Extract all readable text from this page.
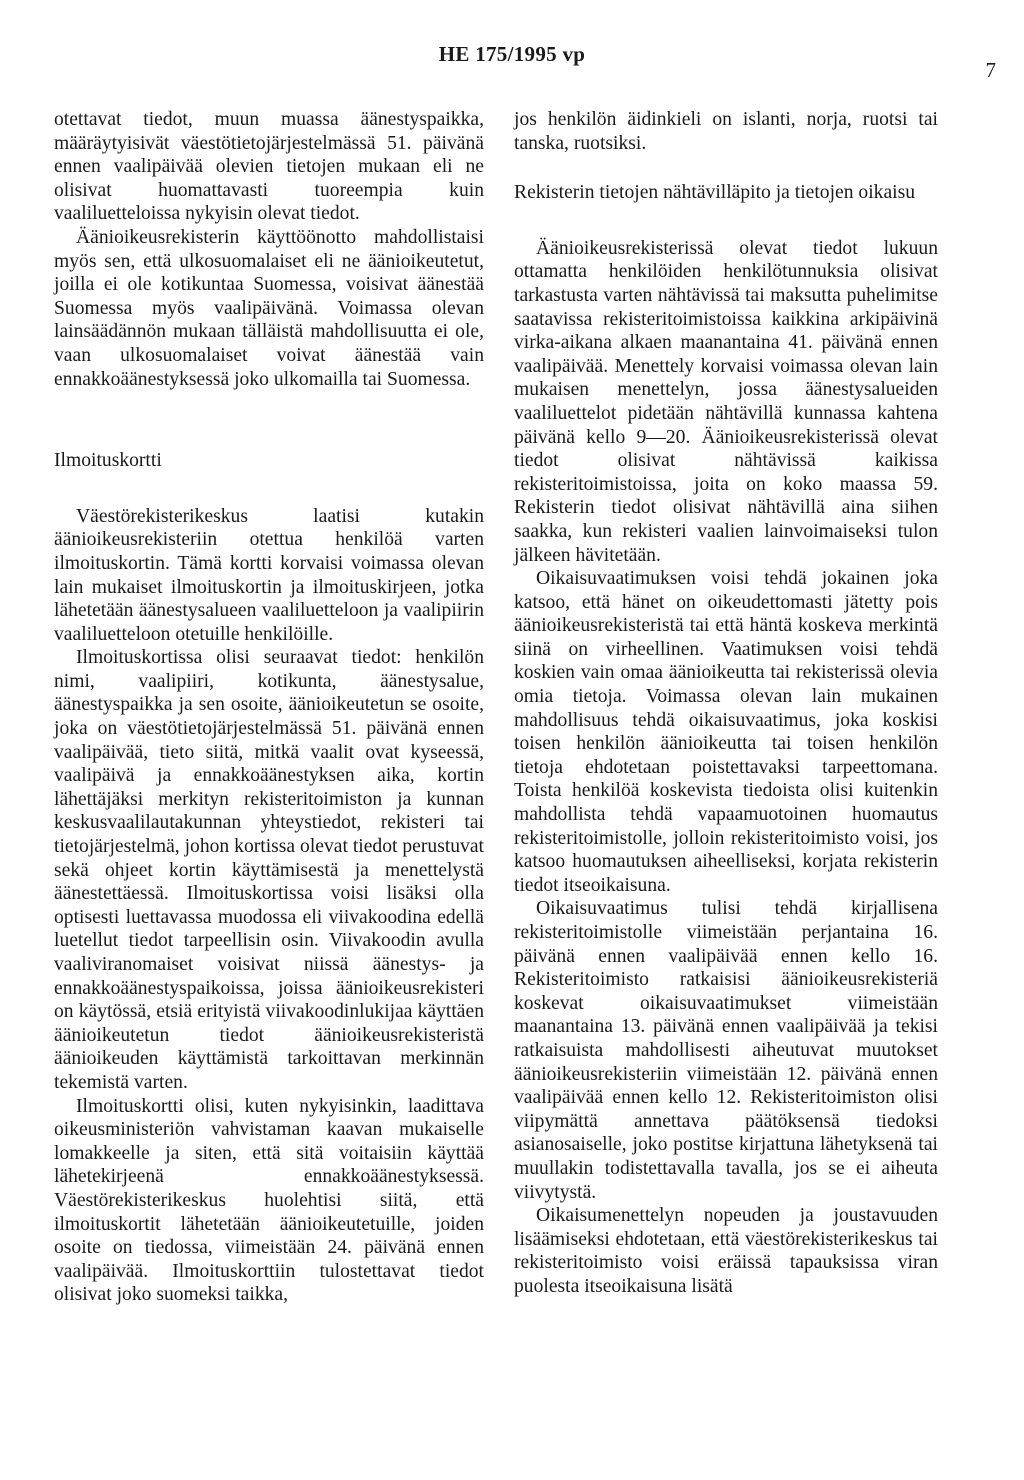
HE 175/1995 vp
7

otettavat tiedot, muun muassa äänestyspaikka, määräytyisivät väestötietojärjestelmässä 51. päivänä ennen vaalipäivää olevien tietojen mukaan eli ne olisivat huomattavasti tuoreempia kuin vaaliluetteloissa nykyisin olevat tiedot.

Äänioikeusrekisterin käyttöönotto mahdollistaisi myös sen, että ulkosuomalaiset eli ne äänioikeutetut, joilla ei ole kotikuntaa Suomessa, voisivat äänestää Suomessa myös vaalipäivänä. Voimassa olevan lainsäädännön mukaan tälläistä mahdollisuutta ei ole, vaan ulkosuomalaiset voivat äänestää vain ennakkoäänestyksessä joko ulkomailla tai Suomessa.

Ilmoituskortti

Väestörekisterikeskus laatisi kutakin äänioikeusrekisteriin otettua henkilöä varten ilmoituskortin. Tämä kortti korvaisi voimassa olevan lain mukaiset ilmoituskortin ja ilmoituskirjeen, jotka lähetetään äänestysalueen vaaliluetteloon ja vaalipiirin vaaliluetteloon otetuille henkilöille.

Ilmoituskortissa olisi seuraavat tiedot: henkilön nimi, vaalipiiri, kotikunta, äänestysalue, äänestyspaikka ja sen osoite, äänioikeutetun se osoite, joka on väestötietojärjestelmässä 51. päivänä ennen vaalipäivää, tieto siitä, mitkä vaalit ovat kyseessä, vaalipäivä ja ennakkoäänestyksen aika, kortin lähettäjäksi merkityn rekisteritoimiston ja kunnan keskusvaalilautakunnan yhteystiedot, rekisteri tai tietojärjestelmä, johon kortissa olevat tiedot perustuvat sekä ohjeet kortin käyttämisestä ja menettelystä äänestettäessä. Ilmoituskortissa voisi lisäksi olla optisesti luettavassa muodossa eli viivakoodina edellä luetellut tiedot tarpeellisin osin. Viivakoodin avulla vaaliviranomaiset voisivat niissä äänestys- ja ennakkoäänestyspaikoissa, joissa äänioikeusrekisteri on käytössä, etsiä erityistä viivakoodinlukijaa käyttäen äänioikeutetun tiedot äänioikeusrekisteristä äänioikeuden käyttämistä tarkoittavan merkinnän tekemistä varten.

Ilmoituskortti olisi, kuten nykyisinkin, laadittava oikeusministeriön vahvistaman kaavan mukaiselle lomakkeelle ja siten, että sitä voitaisiin käyttää lähetekirjeenä ennakkoäänestyksessä. Väestörekisterikeskus huolehtisi siitä, että ilmoituskortit lähetetään äänioikeutetuille, joiden osoite on tiedossa, viimeistään 24. päivänä ennen vaalipäivää. Ilmoituskorttiin tulostettavat tiedot olisivat joko suomeksi taikka,

jos henkilön äidinkieli on islanti, norja, ruotsi tai tanska, ruotsiksi.

Rekisterin tietojen nähtävilläpito ja tietojen oikaisu

Äänioikeusrekisterissä olevat tiedot lukuun ottamatta henkilöiden henkilötunnuksia olisivat tarkastusta varten nähtävissä tai maksutta puhelimitse saatavissa rekisteritoimistoissa kaikkina arkipäivinä virka-aikana alkaen maanantaina 41. päivänä ennen vaalipäivää. Menettely korvaisi voimassa olevan lain mukaisen menettelyn, jossa äänestysalueiden vaaliluettelot pidetään nähtävillä kunnassa kahtena päivänä kello 9—20. Äänioikeusrekisterissä olevat tiedot olisivat nähtävissä kaikissa rekisteritoimistoissa, joita on koko maassa 59. Rekisterin tiedot olisivat nähtävillä aina siihen saakka, kun rekisteri vaalien lainvoimaiseksi tulon jälkeen hävitetään.

Oikaisuvaatimuksen voisi tehdä jokainen joka katsoo, että hänet on oikeudettomasti jätetty pois äänioikeusrekisteristä tai että häntä koskeva merkintä siinä on virheellinen. Vaatimuksen voisi tehdä koskien vain omaa äänioikeutta tai rekisterissä olevia omia tietoja. Voimassa olevan lain mukainen mahdollisuus tehdä oikaisuvaatimus, joka koskisi toisen henkilön äänioikeutta tai toisen henkilön tietoja ehdotetaan poistettavaksi tarpeettomana. Toista henkilöä koskevista tiedoista olisi kuitenkin mahdollista tehdä vapaamuotoinen huomautus rekisteritoimistolle, jolloin rekisteritoimisto voisi, jos katsoo huomautuksen aiheelliseksi, korjata rekisterin tiedot itseoikaisuna.

Oikaisuvaatimus tulisi tehdä kirjallisena rekisteritoimistolle viimeistään perjantaina 16. päivänä ennen vaalipäivää ennen kello 16. Rekisteritoimisto ratkaisisi äänioikeusrekisteriä koskevat oikaisuvaatimukset viimeistään maanantaina 13. päivänä ennen vaalipäivää ja tekisi ratkaisuista mahdollisesti aiheutuvat muutokset äänioikeusrekisteriin viimeistään 12. päivänä ennen vaalipäivää ennen kello 12. Rekisteritoimiston olisi viipymättä annettava päätöksensä tiedoksi asianosaiselle, joko postitse kirjattuna lähetyksenä tai muullakin todistettavalla tavalla, jos se ei aiheuta viivytystä.

Oikaisumenettelyn nopeuden ja joustavuuden lisäämiseksi ehdotetaan, että väestörekisterikeskus tai rekisteritoimisto voisi eräissä tapauksissa viran puolesta itseoikaisuna lisätä
